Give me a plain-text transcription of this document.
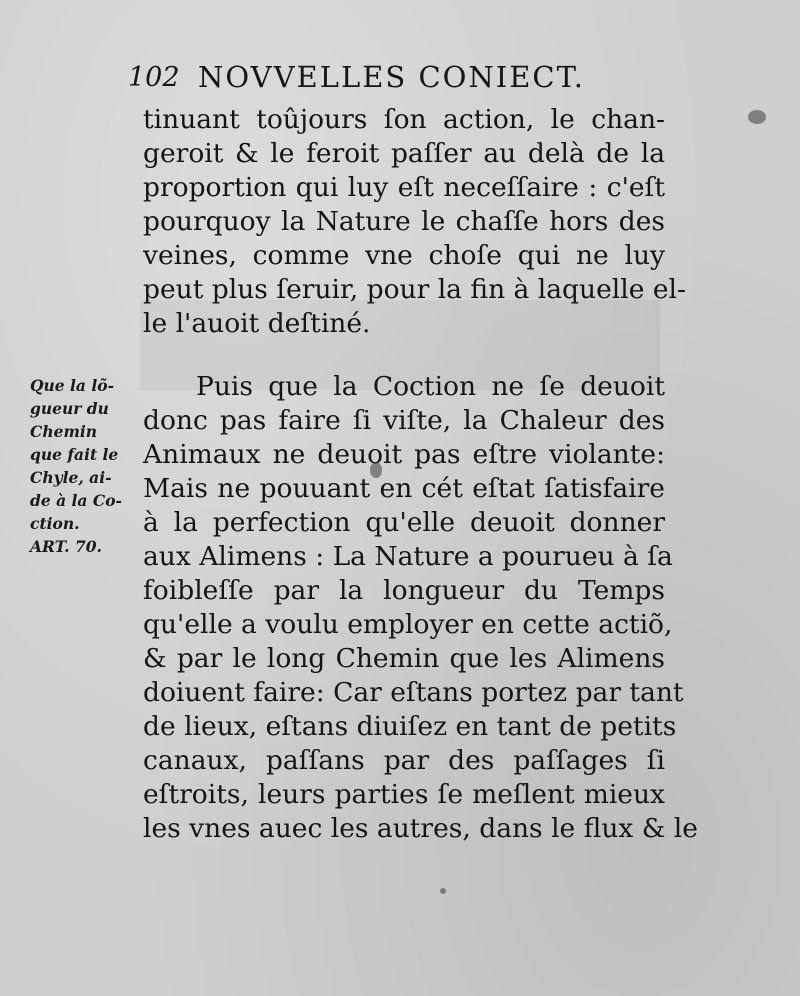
102 NOVVELLES CONIECT.
tinuant toûjours ſon action, le chan-
geroit & le feroit paſſer au delà de la
proportion qui luy eſt neceſſaire : c'eſt
pourquoy la Nature le chaſſe hors des
veines, comme vne choſe qui ne luy
peut plus ſeruir, pour la fin à laquelle el-
le l'auoit deſtiné.
Que la lõ-
gueur du
Chemin
que fait le
Chyle, ai-
de à la Co-
ction.
ART. 70.
Puis que la Coction ne ſe deuoit
donc pas faire ſi viſte, la Chaleur des
Animaux ne deuoit pas eſtre violante:
Mais ne pouuant en cét eſtat ſatisfaire
à la perfection qu'elle deuoit donner
aux Alimens : La Nature a pourueu à ſa
foibleſſe par la longueur du Temps
qu'elle a voulu employer en cette actiõ,
& par le long Chemin que les Alimens
doiuent faire: Car eſtans portez par tant
de lieux, eſtans diuiſez en tant de petits
canaux, paſſans par des paſſages ſi
eſtroits, leurs parties ſe meſlent mieux
les vnes auec les autres, dans le flux & le
